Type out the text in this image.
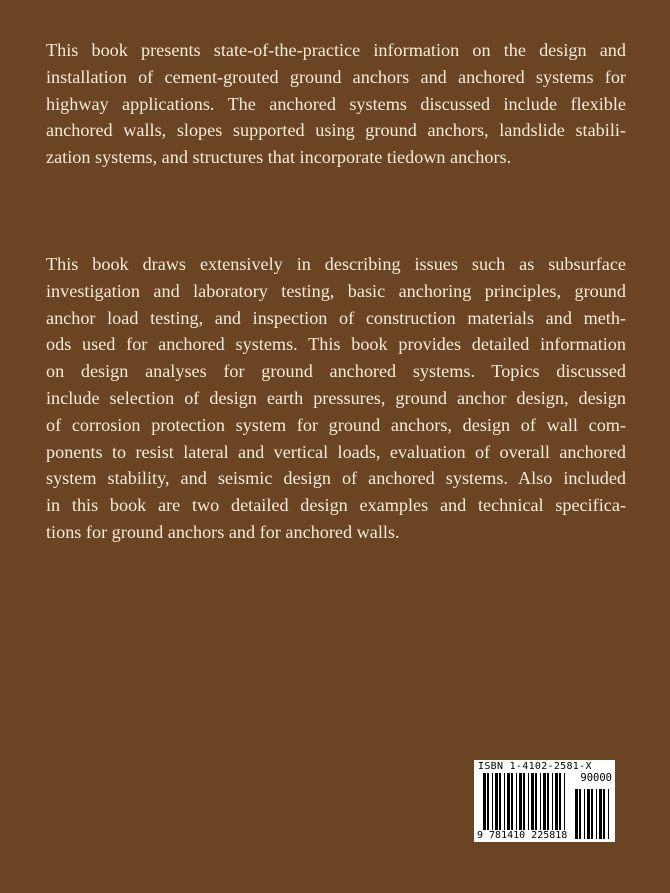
This book presents state-of-the-practice information on the design and
installation of cement-grouted ground anchors and anchored systems for
highway applications. The anchored systems discussed include flexible
anchored walls, slopes supported using ground anchors, landslide stabili-
zation systems, and structures that incorporate tiedown anchors.
This book draws extensively in describing issues such as subsurface
investigation and laboratory testing, basic anchoring principles, ground
anchor load testing, and inspection of construction materials and meth-
ods used for anchored systems. This book provides detailed information
on design analyses for ground anchored systems. Topics discussed
include selection of design earth pressures, ground anchor design, design
of corrosion protection system for ground anchors, design of wall com-
ponents to resist lateral and vertical loads, evaluation of overall anchored
system stability, and seismic design of anchored systems. Also included
in this book are two detailed design examples and technical specifica-
tions for ground anchors and for anchored walls.
ISBN 1-4102-2581-X
90000
9 781410 225818
